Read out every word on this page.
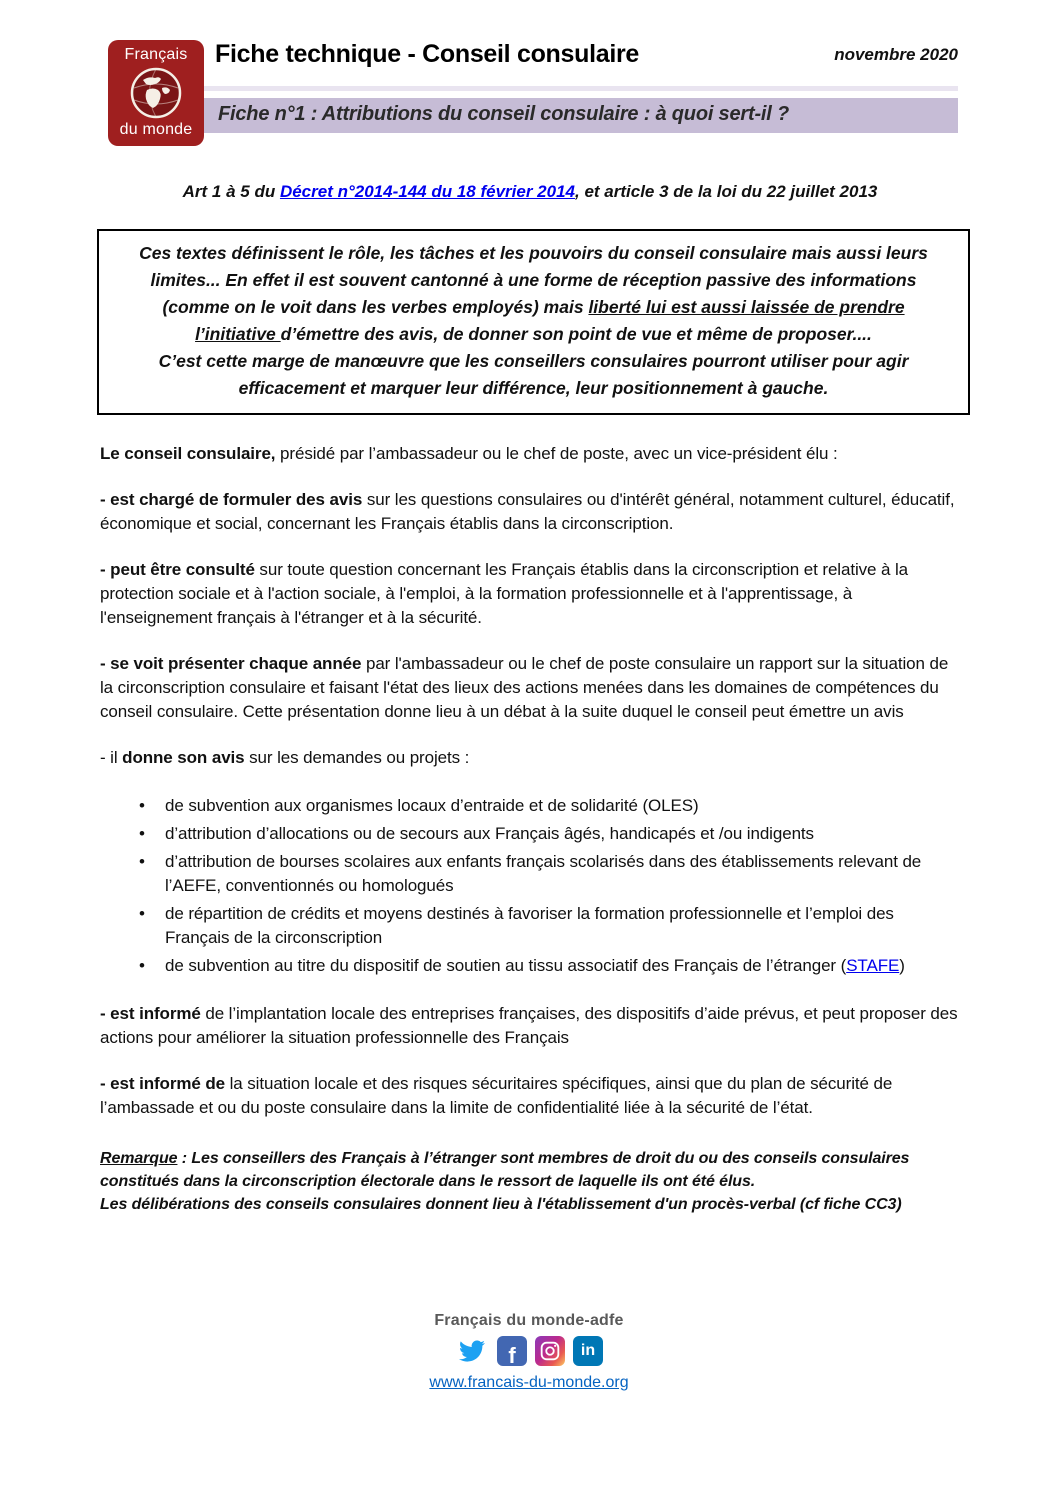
Français
du monde
Fiche technique - Conseil consulaire	novembre 2020
Fiche n°1 : Attributions du conseil consulaire : à quoi sert-il ?
Art 1 à 5 du Décret n°2014-144 du 18 février 2014, et article 3 de la loi du 22 juillet 2013
Ces textes définissent le rôle, les tâches et les pouvoirs du conseil consulaire mais aussi leurs limites... En effet il est souvent cantonné à une forme de réception passive des informations (comme on le voit dans les verbes employés) mais liberté lui est aussi laissée de prendre l’initiative d’émettre des avis, de donner son point de vue et même de proposer....
C’est cette marge de manœuvre que les conseillers consulaires pourront utiliser pour agir efficacement et marquer leur différence, leur positionnement à gauche.
Le conseil consulaire, présidé par l’ambassadeur ou le chef de poste, avec un vice-président élu :
- est chargé de formuler des avis sur les questions consulaires ou d'intérêt général, notamment culturel, éducatif, économique et social, concernant les Français établis dans la circonscription.
- peut être consulté sur toute question concernant les Français établis dans la circonscription et relative à la protection sociale et à l'action sociale, à l'emploi, à la formation professionnelle et à l'apprentissage, à l'enseignement français à l'étranger et à la sécurité.
- se voit présenter chaque année par l'ambassadeur ou le chef de poste consulaire un rapport sur la situation de la circonscription consulaire et faisant l'état des lieux des actions menées dans les domaines de compétences du conseil consulaire. Cette présentation donne lieu à un débat à la suite duquel le conseil peut émettre un avis
- il donne son avis sur les demandes ou projets :
• de subvention aux organismes locaux d’entraide et de solidarité (OLES)
• d’attribution d’allocations ou de secours aux Français âgés, handicapés et /ou indigents
• d’attribution de bourses scolaires aux enfants français scolarisés dans des établissements relevant de l’AEFE, conventionnés ou homologués
• de répartition de crédits et moyens destinés à favoriser la formation professionnelle et l’emploi des Français de la circonscription
• de subvention au titre du dispositif de soutien au tissu associatif des Français de l’étranger (STAFE)
- est informé de l’implantation locale des entreprises françaises, des dispositifs d’aide prévus, et peut proposer des actions pour améliorer la situation professionnelle des Français
- est informé de la situation locale et des risques sécuritaires spécifiques, ainsi que du plan de sécurité de l’ambassade et ou du poste consulaire dans la limite de confidentialité liée à la sécurité de l’état.
Remarque : Les conseillers des Français à l’étranger sont membres de droit du ou des conseils consulaires constitués dans la circonscription électorale dans le ressort de laquelle ils ont été élus.
Les délibérations des conseils consulaires donnent lieu à l'établissement d'un procès-verbal (cf fiche CC3)
Français du monde-adfe
f	in
www.francais-du-monde.org
